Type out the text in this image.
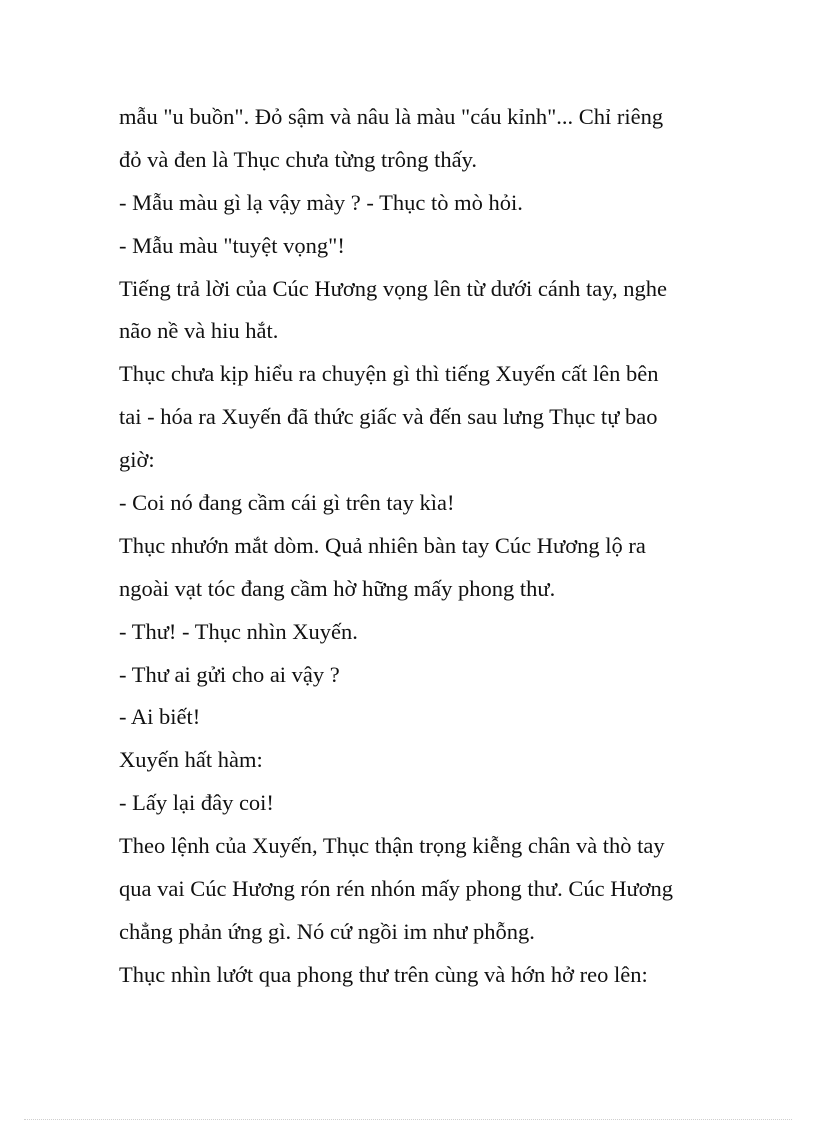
mẫu "u buồn". Đỏ sậm và nâu là màu "cáu kỉnh"... Chỉ riêng
đỏ và đen là Thục chưa từng trông thấy.
- Mẫu màu gì lạ vậy mày ? - Thục tò mò hỏi.
- Mẫu màu "tuyệt vọng"!
Tiếng trả lời của Cúc Hương vọng lên từ dưới cánh tay, nghe
não nề và hiu hắt.
Thục chưa kịp hiểu ra chuyện gì thì tiếng Xuyến cất lên bên
tai - hóa ra Xuyến đã thức giấc và đến sau lưng Thục tự bao
giờ:
- Coi nó đang cầm cái gì trên tay kìa!
Thục nhướn mắt dòm. Quả nhiên bàn tay Cúc Hương lộ ra
ngoài vạt tóc đang cầm hờ hững mấy phong thư.
- Thư! - Thục nhìn Xuyến.
- Thư ai gửi cho ai vậy ?
- Ai biết!
Xuyến hất hàm:
- Lấy lại đây coi!
Theo lệnh của Xuyến, Thục thận trọng kiễng chân và thò tay
qua vai Cúc Hương rón rén nhón mấy phong thư. Cúc Hương
chẳng phản ứng gì. Nó cứ ngồi im như phỗng.
Thục nhìn lướt qua phong thư trên cùng và hớn hở reo lên:
